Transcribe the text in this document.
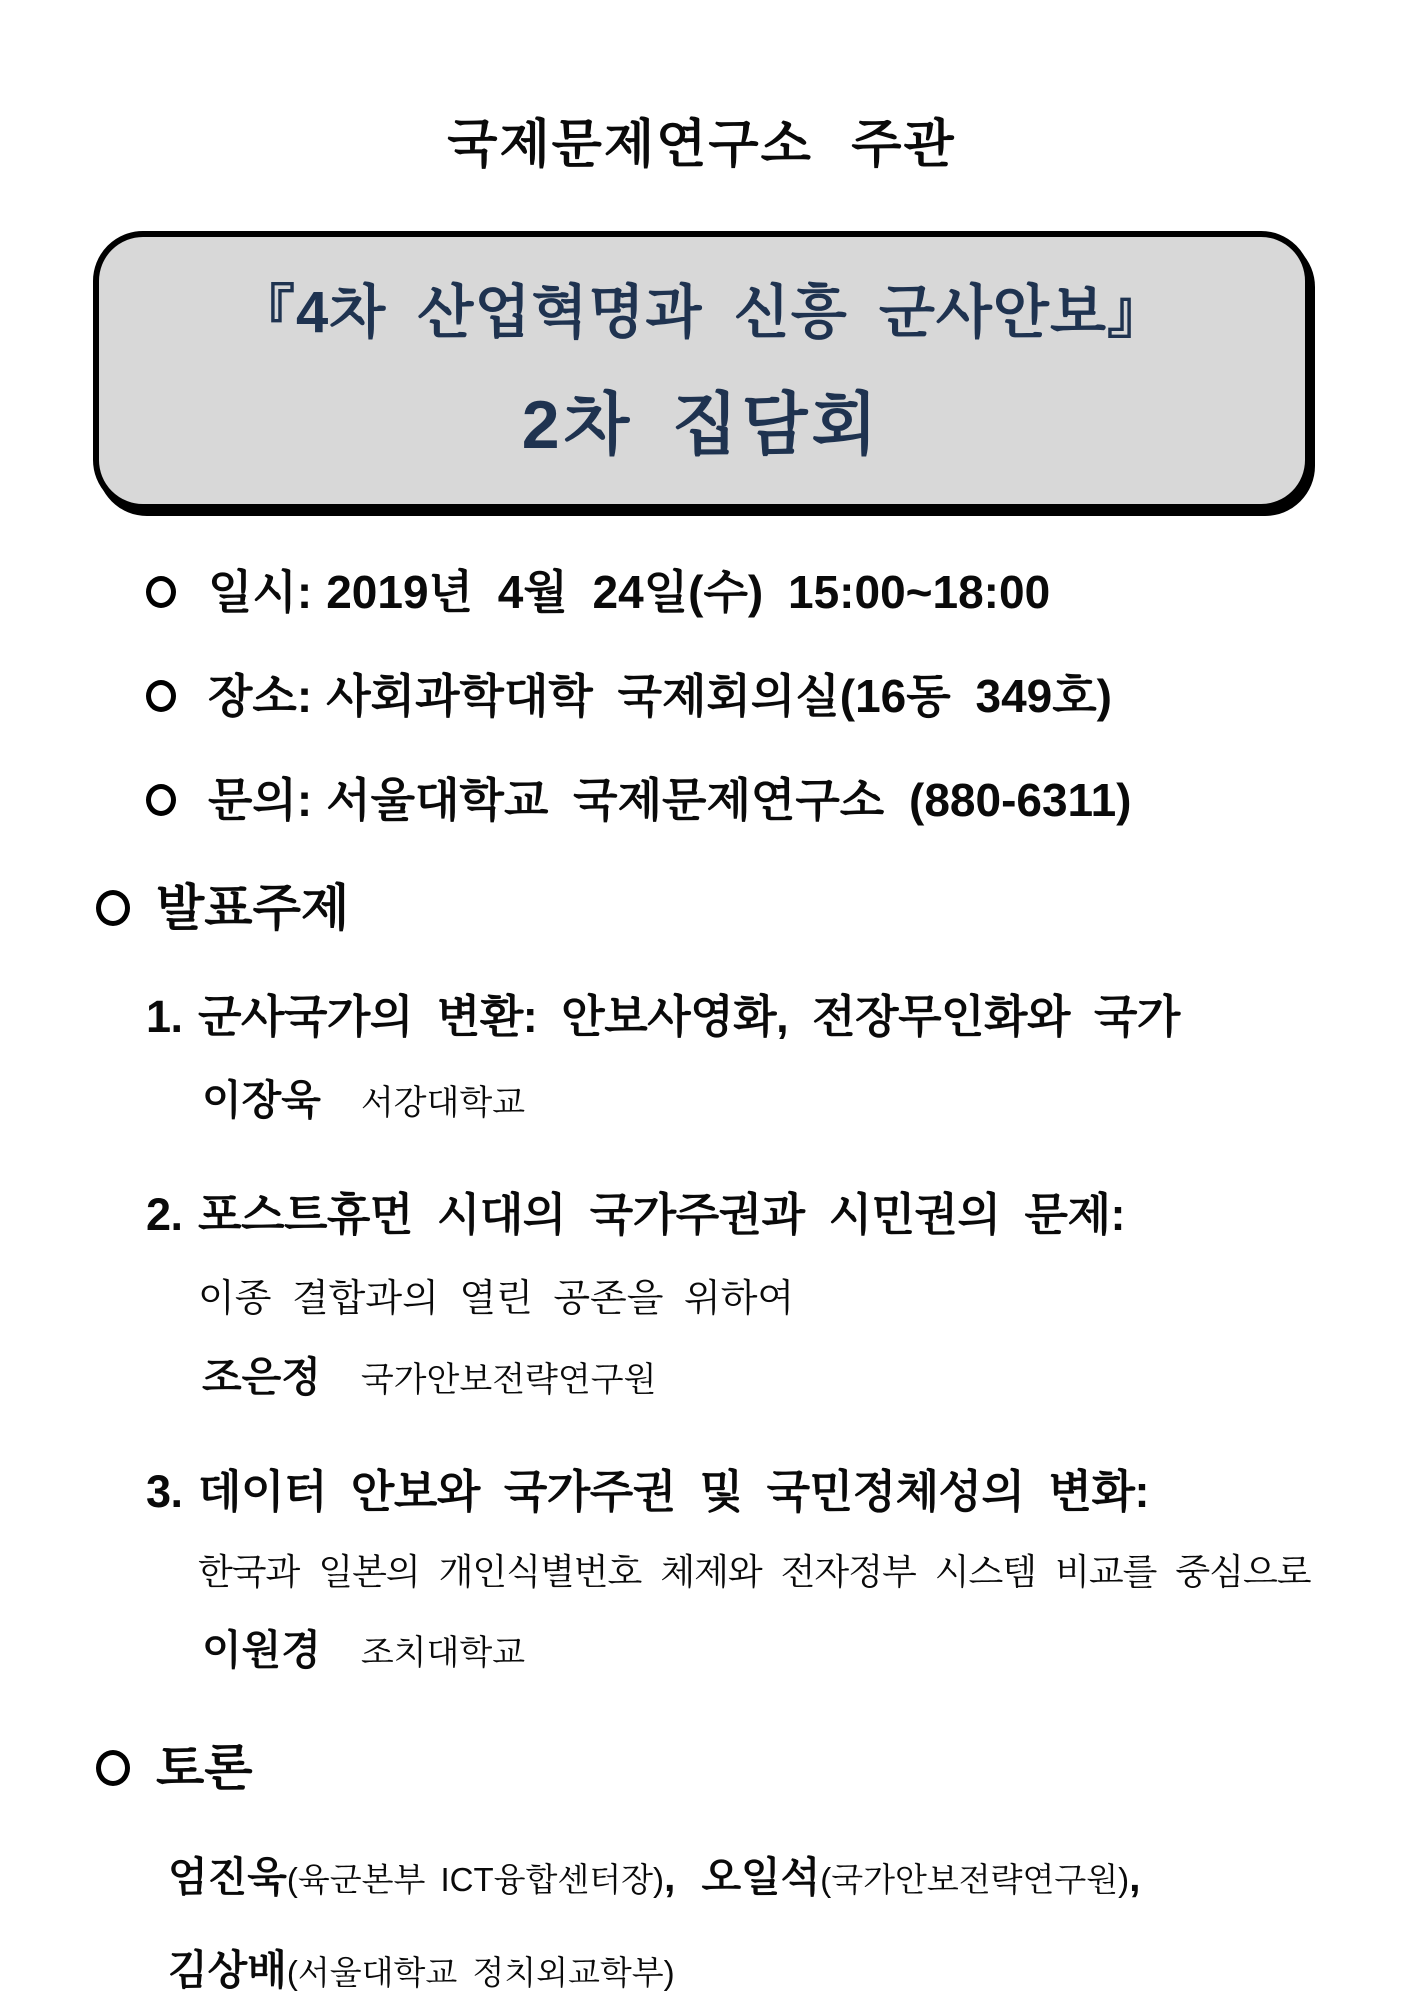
국제문제연구소 주관
『4차 산업혁명과 신흥 군사안보』
2차 집담회
일시: 2019년 4월 24일(수) 15:00~18:00
장소: 사회과학대학 국제회의실(16동 349호)
문의: 서울대학교 국제문제연구소 (880-6311)
발표주제
1. 군사국가의 변환: 안보사영화, 전장무인화와 국가
이장욱 서강대학교
2. 포스트휴먼 시대의 국가주권과 시민권의 문제:
이종 결합과의 열린 공존을 위하여
조은정 국가안보전략연구원
3. 데이터 안보와 국가주권 및 국민정체성의 변화:
한국과 일본의 개인식별번호 체제와 전자정부 시스템 비교를 중심으로
이원경 조치대학교
토론
엄진욱(육군본부 ICT융합센터장), 오일석(국가안보전략연구원),
김상배(서울대학교 정치외교학부)
